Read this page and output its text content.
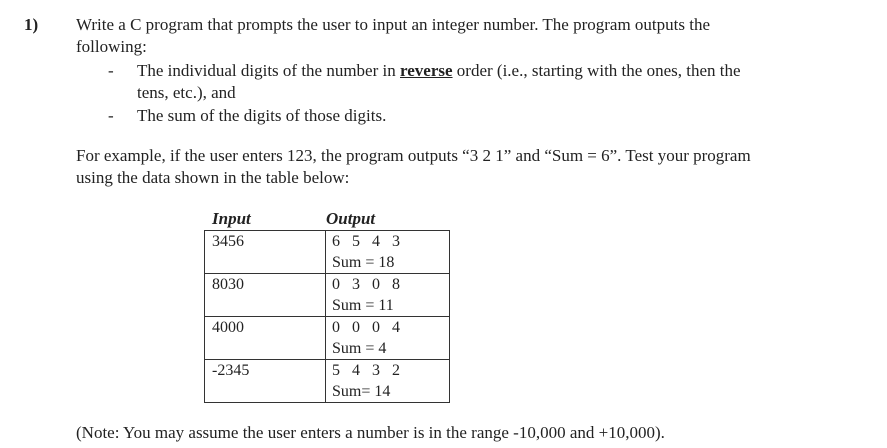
1) Write a C program that prompts the user to input an integer number. The program outputs the
following:
- The individual digits of the number in reverse order (i.e., starting with the ones, then the
tens, etc.), and
- The sum of the digits of those digits.
For example, if the user enters 123, the program outputs “3 2 1” and “Sum = 6”. Test your program
using the data shown in the table below:
Input	Output
3456	6 5 4 3
Sum = 18

8030	0 3 0 8
Sum = 11

4000	0 0 0 4
Sum = 4

-2345	5 4 3 2
Sum= 14
(Note: You may assume the user enters a number is in the range -10,000 and +10,000).
